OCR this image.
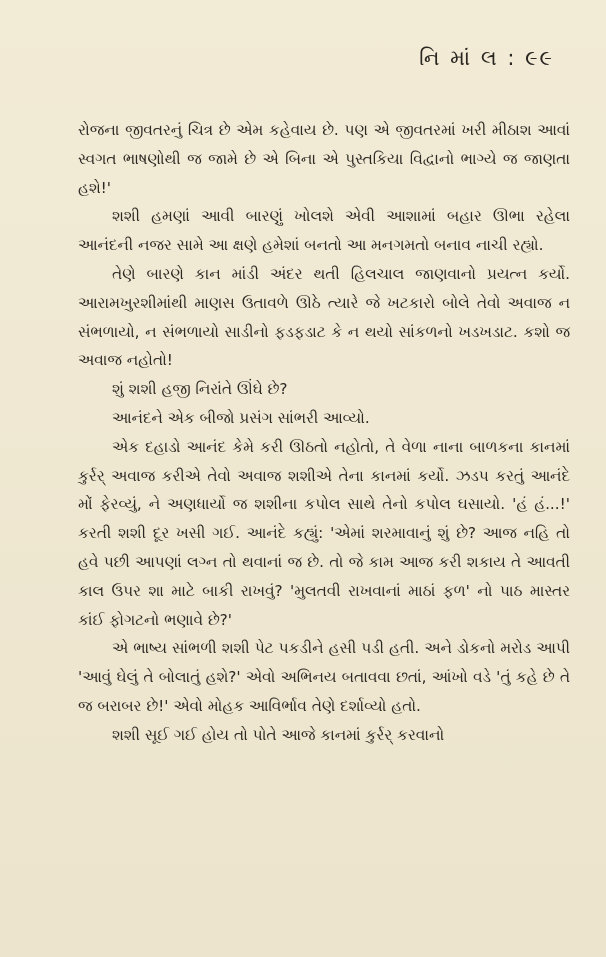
નિ માં લ : ૯૯

રોજના જીવતરનું ચિત્ર છે એમ કહેવાય છે. પણ એ જીવતરમાં ખરી મીઠાશ આવાં સ્વગત ભાષણોથી જ જામે છે એ બિના એ પુસ્તકિયા વિદ્વાનો ભાગ્યે જ જાણતા હશે!'

શશી હમણાં આવી બારણું ખોલશે એવી આશામાં બહાર ઊભા રહેલા આનંદની નજર સામે આ ક્ષણે હમેશાં બનતો આ મનગમતો બનાવ નાચી રહ્યો.

તેણે બારણે કાન માંડી અંદર થતી હિલચાલ જાણવાનો પ્રયત્ન કર્યો. આરામખુરશીમાંથી માણસ ઉતાવળે ઊઠે ત્યારે જે ખટકારો બોલે તેવો અવાજ ન સંભળાયો, ન સંભળાયો સાડીનો ફડફડાટ કે ન થયો સાંકળનો ખડખડાટ. કશો જ અવાજ નહોતો!

શું શશી હજી નિરાંતે ઊંઘે છે?

આનંદને એક બીજો પ્રસંગ સાંભરી આવ્યો.

એક દહાડો આનંદ કેમે કરી ઊઠતો નહોતો, તે વેળા નાના બાળકના કાનમાં કુર્રર્ અવાજ કરીએ તેવો અવાજ શશીએ તેના કાનમાં કર્યો. ઝડપ કરતું આનંદે મોં ફેરવ્યું, ને અણધાર્યો જ શશીના કપોલ સાથે તેનો કપોલ ઘસાયો. 'હં હં...!' કરતી શશી દૂર ખસી ગઈ. આનંદે કહ્યું: 'એમાં શરમાવાનું શું છે? આજ નહિ તો હવે પછી આપણાં લગ્ન તો થવાનાં જ છે. તો જે કામ આજ કરી શકાય તે આવતી કાલ ઉપર શા માટે બાકી રાખવું? 'મુલતવી રાખવાનાં માઠાં ફળ' નો પાઠ માસ્તર કાંઈ ફોગટનો ભણાવે છે?'

એ ભાષ્ય સાંભળી શશી પેટ પકડીને હસી પડી હતી. અને ડોકનો મરોડ આપી 'આવું ઘેલું તે બોલાતું હશે?' એવો અભિનય બતાવવા છતાં, આંખો વડે 'તું કહે છે તે જ બરાબર છે!' એવો મોહક આવિર્ભાવ તેણે દર્શાવ્યો હતો.

શશી સૂઈ ગઈ હોય તો પોતે આજે કાનમાં કુર્રર્ કરવાનો
